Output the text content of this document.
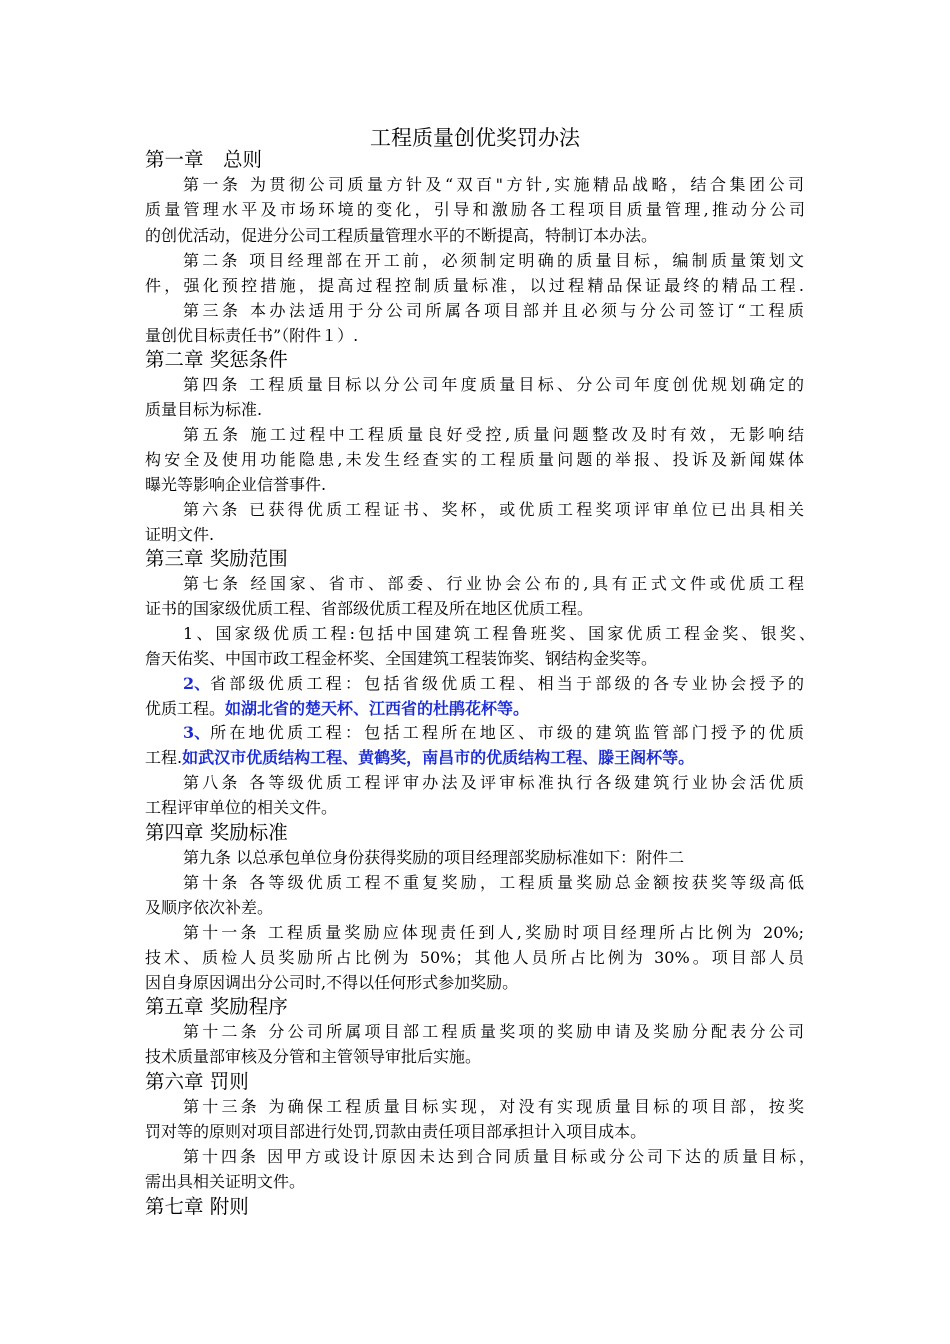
工程质量创优奖罚办法
第一章　总则
第一条 为贯彻公司质量方针及“双百"方针,实施精品战略，结合集团公司
质量管理水平及市场环境的变化，引导和激励各工程项目质量管理,推动分公司
的创优活动，促进分公司工程质量管理水平的不断提高，特制订本办法。
第二条 项目经理部在开工前，必须制定明确的质量目标，编制质量策划文
件，强化预控措施，提高过程控制质量标准，以过程精品保证最终的精品工程.
第三条 本办法适用于分公司所属各项目部并且必须与分公司签订“工程质
量创优目标责任书”（附件１）.
第二章 奖惩条件
第四条 工程质量目标以分公司年度质量目标、分公司年度创优规划确定的
质量目标为标准.
第五条 施工过程中工程质量良好受控,质量问题整改及时有效，无影响结
构安全及使用功能隐患,未发生经查实的工程质量问题的举报、投诉及新闻媒体
曝光等影响企业信誉事件.
第六条 已获得优质工程证书、奖杯，或优质工程奖项评审单位已出具相关
证明文件.
第三章 奖励范围
第七条 经国家、省市、部委、行业协会公布的,具有正式文件或优质工程
证书的国家级优质工程、省部级优质工程及所在地区优质工程。
1、国家级优质工程:包括中国建筑工程鲁班奖、国家优质工程金奖、银奖、
詹天佑奖、中国市政工程金杯奖、全国建筑工程装饰奖、钢结构金奖等。
2、 省部级优质工程：包括省级优质工程、相当于部级的各专业协会授予的
优质工程。如湖北省的楚天杯、江西省的杜鹃花杯等。
3、 所在地优质工程：包括工程所在地区、市级的建筑监管部门授予的优质
工程.如武汉市优质结构工程、黄鹤奖，南昌市的优质结构工程、滕王阁杯等。
第八条 各等级优质工程评审办法及评审标准执行各级建筑行业协会活优质
工程评审单位的相关文件。
第四章 奖励标准
第九条 以总承包单位身份获得奖励的项目经理部奖励标准如下：附件二
第十条 各等级优质工程不重复奖励，工程质量奖励总金额按获奖等级高低
及顺序依次补差。
第十一条 工程质量奖励应体现责任到人,奖励时项目经理所占比例为 20%;
技术、质检人员奖励所占比例为 50%；其他人员所占比例为 30%。项目部人员
因自身原因调出分公司时,不得以任何形式参加奖励。
第五章 奖励程序
第十二条 分公司所属项目部工程质量奖项的奖励申请及奖励分配表分公司
技术质量部审核及分管和主管领导审批后实施。
第六章 罚则
第十三条 为确保工程质量目标实现，对没有实现质量目标的项目部，按奖
罚对等的原则对项目部进行处罚,罚款由责任项目部承担计入项目成本。
第十四条 因甲方或设计原因未达到合同质量目标或分公司下达的质量目标，
需出具相关证明文件。
第七章 附则
